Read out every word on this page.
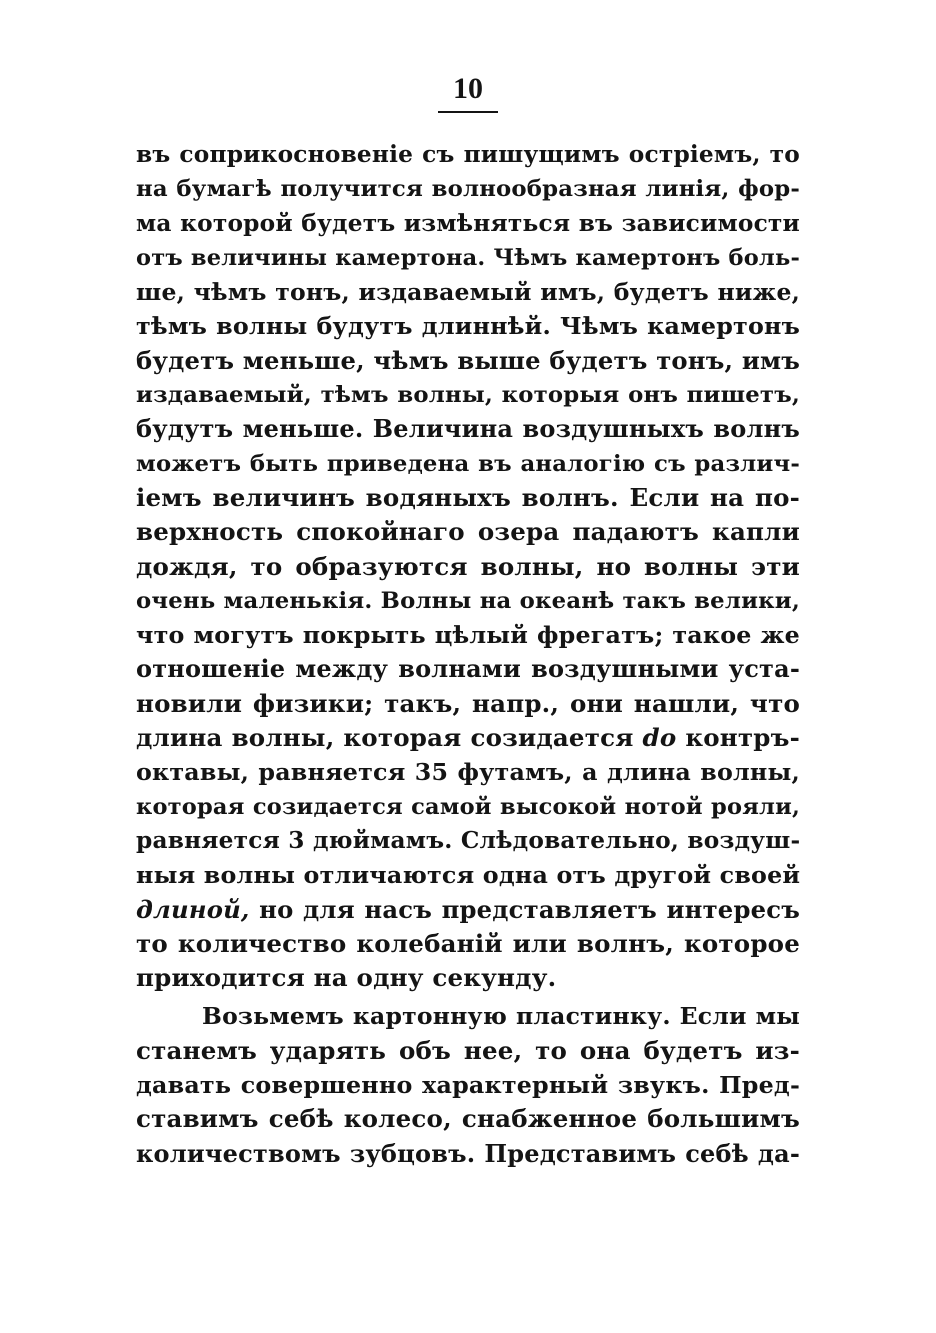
10
въ соприкосновеніе съ пишущимъ остріемъ, то
на бумагѣ получится волнообразная линія, фор-
ма которой будетъ измѣняться въ зависимости
отъ величины камертона. Чѣмъ камертонъ боль-
ше, чѣмъ тонъ, издаваемый имъ, будетъ ниже,
тѣмъ волны будутъ длиннѣй. Чѣмъ камертонъ
будетъ меньше, чѣмъ выше будетъ тонъ, имъ
издаваемый, тѣмъ волны, которыя онъ пишетъ,
будутъ меньше. Величина воздушныхъ волнъ
можетъ быть приведена въ аналогію съ различ-
іемъ величинъ водяныхъ волнъ. Если на по-
верхность спокойнаго озера падаютъ капли
дождя, то образуются волны, но волны эти
очень маленькія. Волны на океанѣ такъ велики,
что могутъ покрыть цѣлый фрегатъ; такое же
отношеніе между волнами воздушными уста-
новили физики; такъ, напр., они нашли, что
длина волны, которая созидается do контръ-
октавы, равняется 35 футамъ, а длина волны,
которая созидается самой высокой нотой рояли,
равняется 3 дюймамъ. Слѣдовательно, воздуш-
ныя волны отличаются одна отъ другой своей
длиной, но для насъ представляетъ интересъ
то количество колебаній или волнъ, которое
приходится на одну секунду.
Возьмемъ картонную пластинку. Если мы
станемъ ударять объ нее, то она будетъ из-
давать совершенно характерный звукъ. Пред-
ставимъ себѣ колесо, снабженное большимъ
количествомъ зубцовъ. Представимъ себѣ да-
